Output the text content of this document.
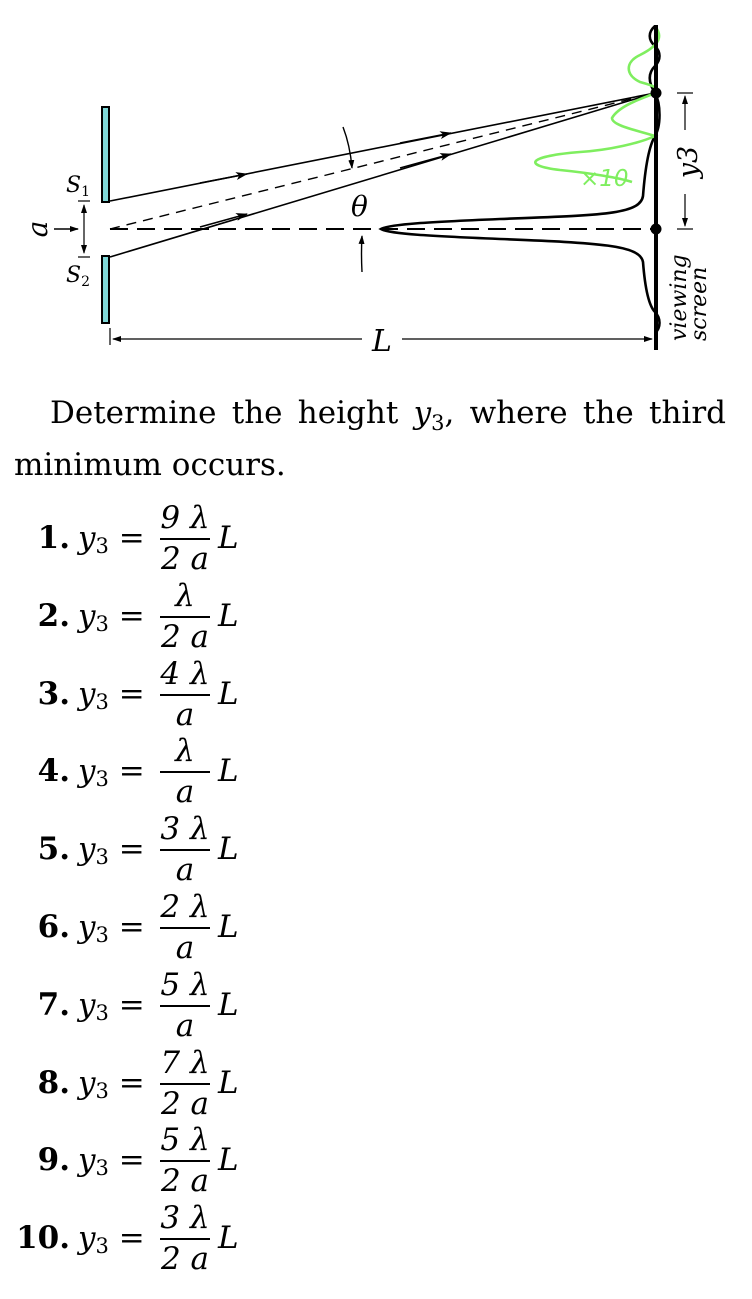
θ
S1
S2
a
×10
viewing
screen
y3
L
Determine the height $y_3$, where the third minimum occurs.
1. $y_3$ =
9 λ
2 a
L
2. $y_3$ =
λ
2 a
L
3. $y_3$ =
4 λ
a
L
4. $y_3$ =
λ
a
L
5. $y_3$ =
3 λ
a
L
6. $y_3$ =
2 λ
a
L
7. $y_3$ =
5 λ
a
L
8. $y_3$ =
7 λ
2 a
L
9. $y_3$ =
5 λ
2 a
L
10. $y_3$ =
3 λ
2 a
L
